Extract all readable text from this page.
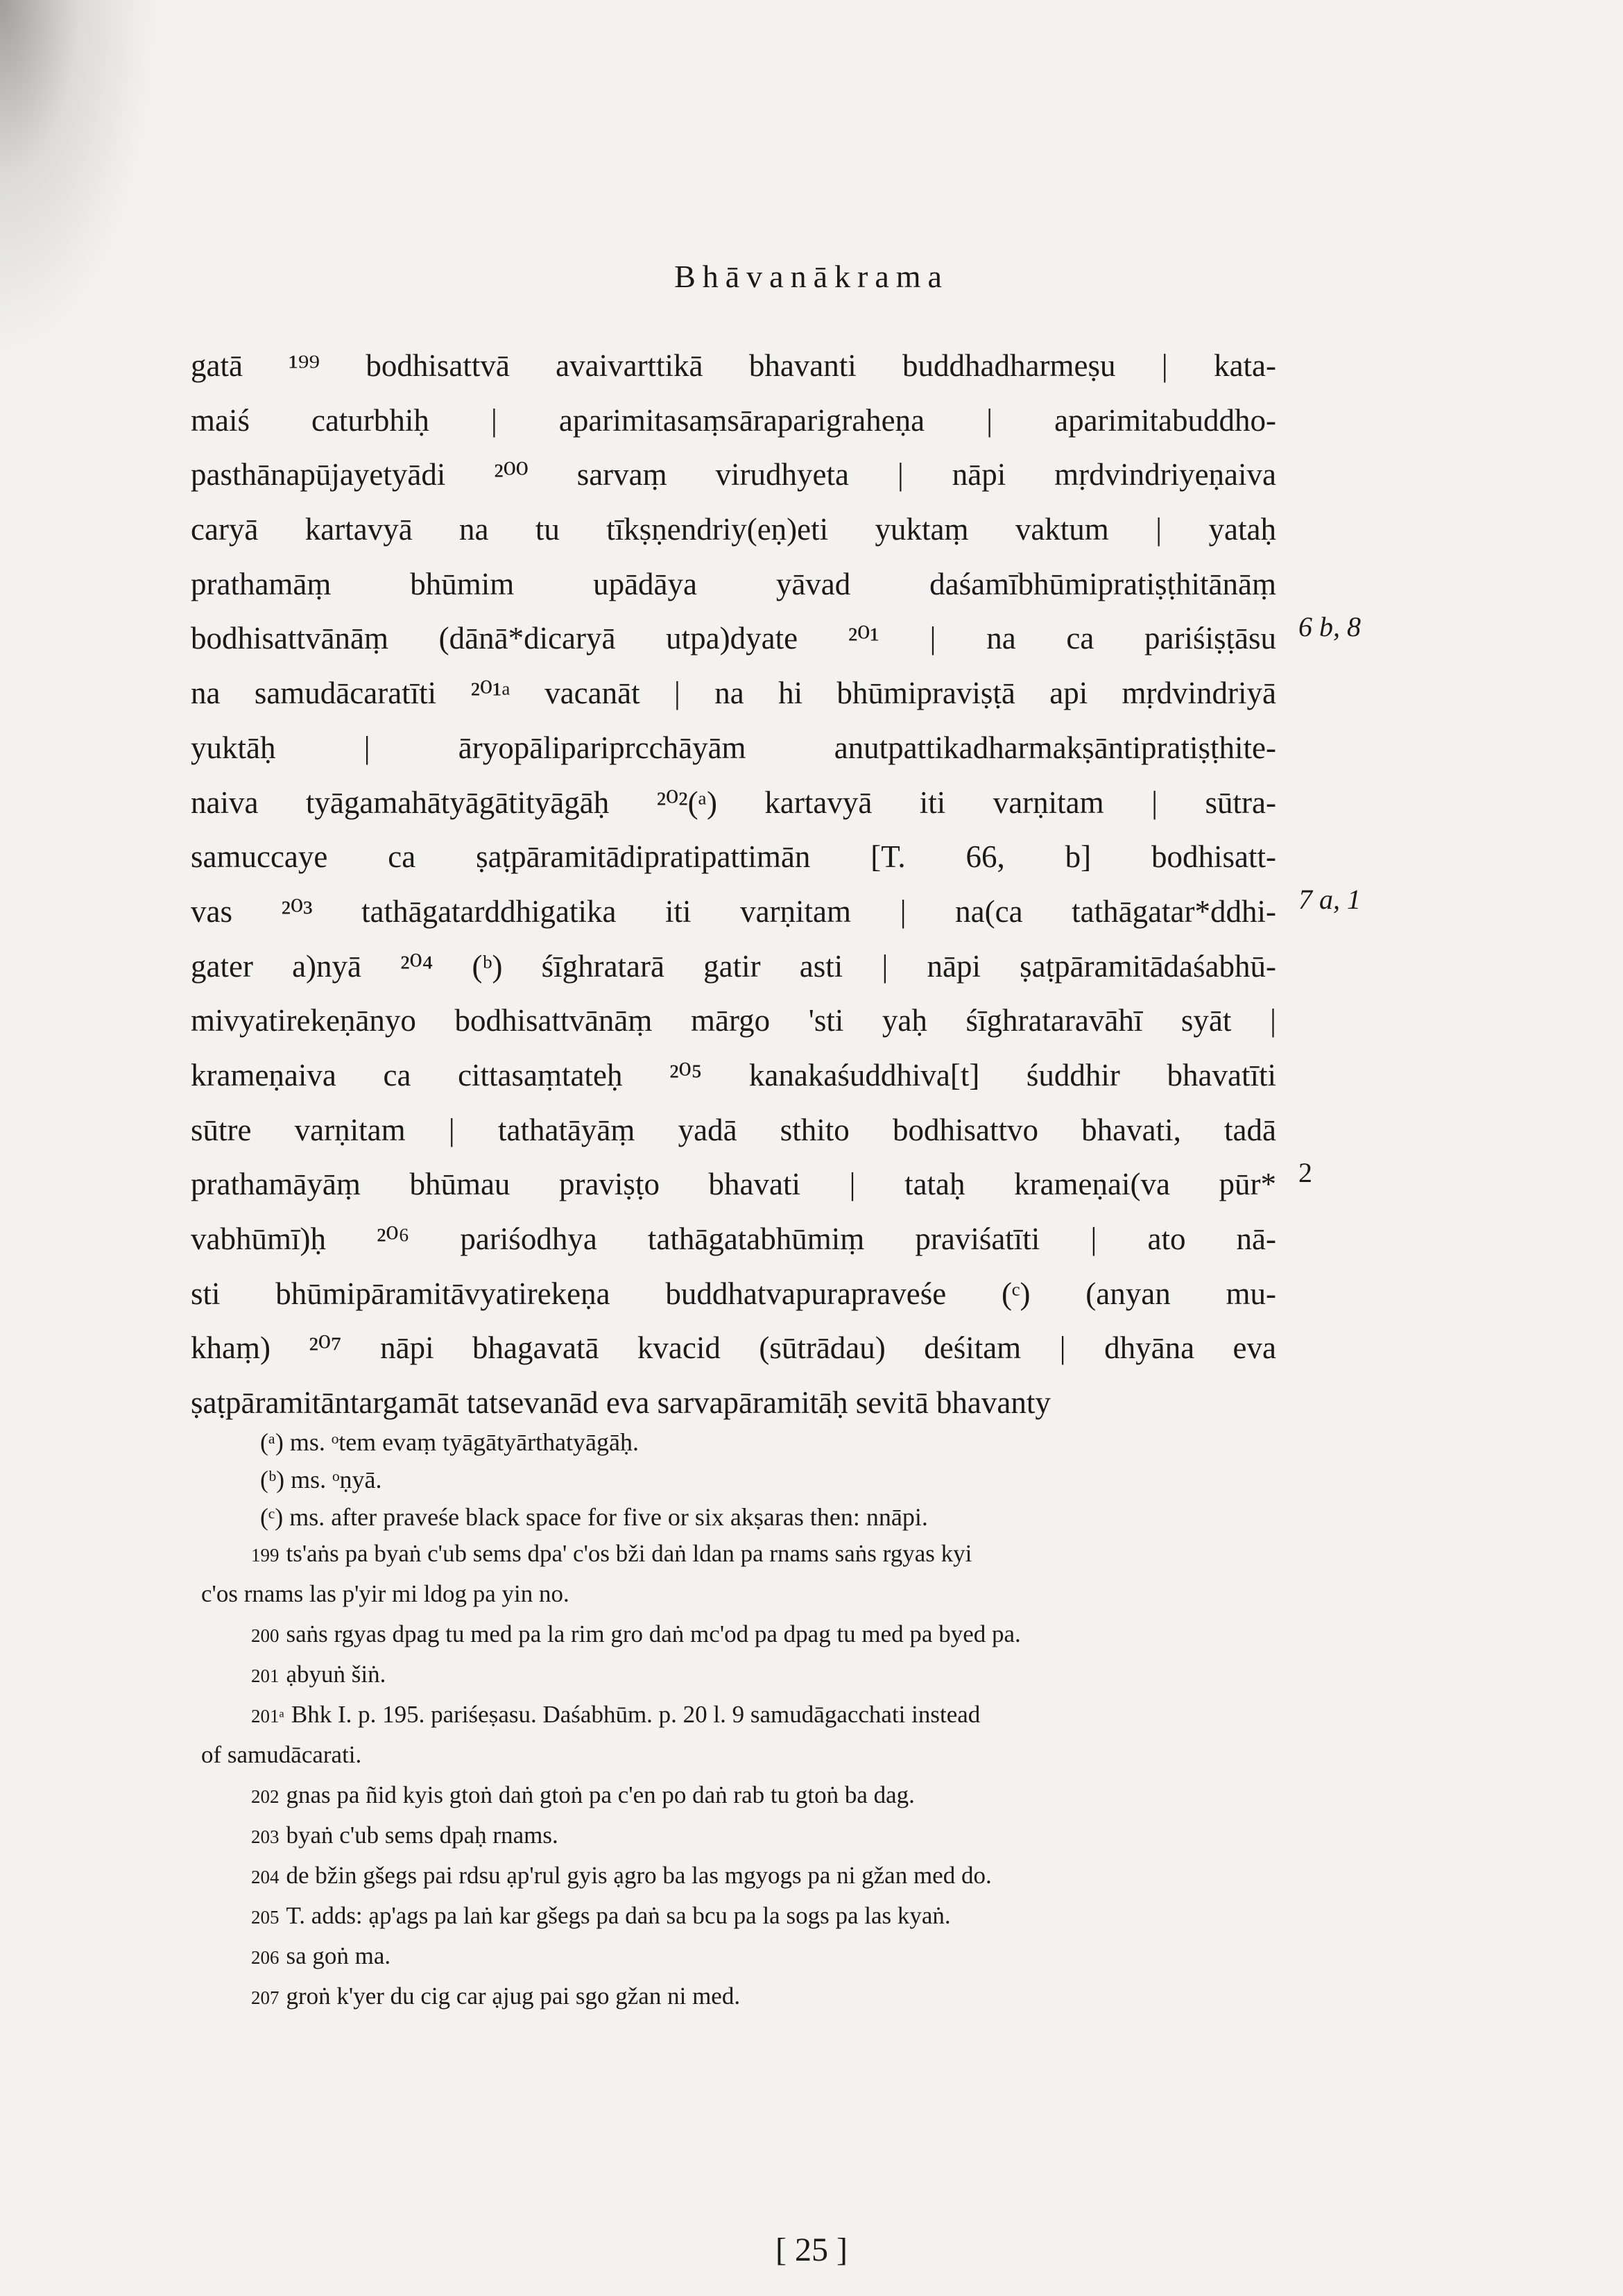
Bhāvanākrama
gatā ¹⁹⁹ bodhisattvā avaivarttikā bhavanti buddhadharmeṣu | kata-
maiś caturbhiḥ | aparimitasaṃsāraparigraheṇa | aparimitabuddho-
pasthānapūjayetyādi ²⁰⁰ sarvaṃ virudhyeta | nāpi mṛdvindriyeṇaiva
caryā kartavyā na tu tīkṣṇendriy(eṇ)eti yuktaṃ vaktum | yataḥ
prathamāṃ bhūmim upādāya yāvad daśamībhūmipratiṣṭhitānāṃ
bodhisattvānāṃ (dānā*dicaryā utpa)dyate ²⁰¹ | na ca pariśiṣṭāsu
na samudācaratīti ²⁰¹ᵃ vacanāt | na hi bhūmipraviṣṭā api mṛdvindriyā
yuktāḥ | āryopālipariprcchāyām anutpattikadharmakṣāntipratiṣṭhite-
naiva tyāgamahātyāgātityāgāḥ ²⁰²(ᵃ) kartavyā iti varṇitam | sūtra-
samuccaye ca ṣaṭpāramitādipratipattimān [T. 66, b] bodhisatt-
vas ²⁰³ tathāgatarddhigatika iti varṇitam | na(ca tathāgatar*ddhi-
gater a)nyā ²⁰⁴ (ᵇ) śīghratarā gatir asti | nāpi ṣaṭpāramitādaśabhū-
mivyatirekeṇānyo bodhisattvānāṃ mārgo 'sti yaḥ śīghrataravāhī syāt |
krameṇaiva ca cittasaṃtateḥ ²⁰⁵ kanakaśuddhiva[t] śuddhir bhavatīti
sūtre varṇitam | tathatāyāṃ yadā sthito bodhisattvo bhavati, tadā
prathamāyāṃ bhūmau praviṣṭo bhavati | tataḥ krameṇai(va pūr*
vabhūmī)ḥ ²⁰⁶ pariśodhya tathāgatabhūmiṃ praviśatīti | ato nā-
sti bhūmipāramitāvyatirekeṇa buddhatvapurapraveśe (ᶜ) (anyan mu-
khaṃ) ²⁰⁷ nāpi bhagavatā kvacid (sūtrādau) deśitam | dhyāna eva
ṣaṭpāramitāntargamāt tatsevanād eva sarvapāramitāḥ sevitā bhavanty
6 b, 8
7 a, 1
2
(ᵃ) ms. ᵒtem evaṃ tyāgātyārthatyāgāḥ.
(ᵇ) ms. ᵒṇyā.
(ᶜ) ms. after praveśe black space for five or six akṣaras then: nnāpi.
199 ts'aṅs pa byaṅ c'ub sems dpa' c'os bži daṅ ldan pa rnams saṅs rgyas kyi
c'os rnams las p'yir mi ldog pa yin no.
200 saṅs rgyas dpag tu med pa la rim gro daṅ mc'od pa dpag tu med pa byed pa.
201 ạbyuṅ šiṅ.
201ᵃ Bhk I. p. 195. pariśeṣasu. Daśabhūm. p. 20 l. 9 samudāgacchati instead
of samudācarati.
202 gnas pa ñid kyis gtoṅ daṅ gtoṅ pa c'en po daṅ rab tu gtoṅ ba dag.
203 byaṅ c'ub sems dpaḥ rnams.
204 de bžin gšegs pai rdsu ạp'rul gyis ạgro ba las mgyogs pa ni gžan med do.
205 T. adds: ạp'ags pa laṅ kar gšegs pa daṅ sa bcu pa la sogs pa las kyaṅ.
206 sa goṅ ma.
207 groṅ k'yer du cig car ạjug pai sgo gžan ni med.
[ 25 ]
